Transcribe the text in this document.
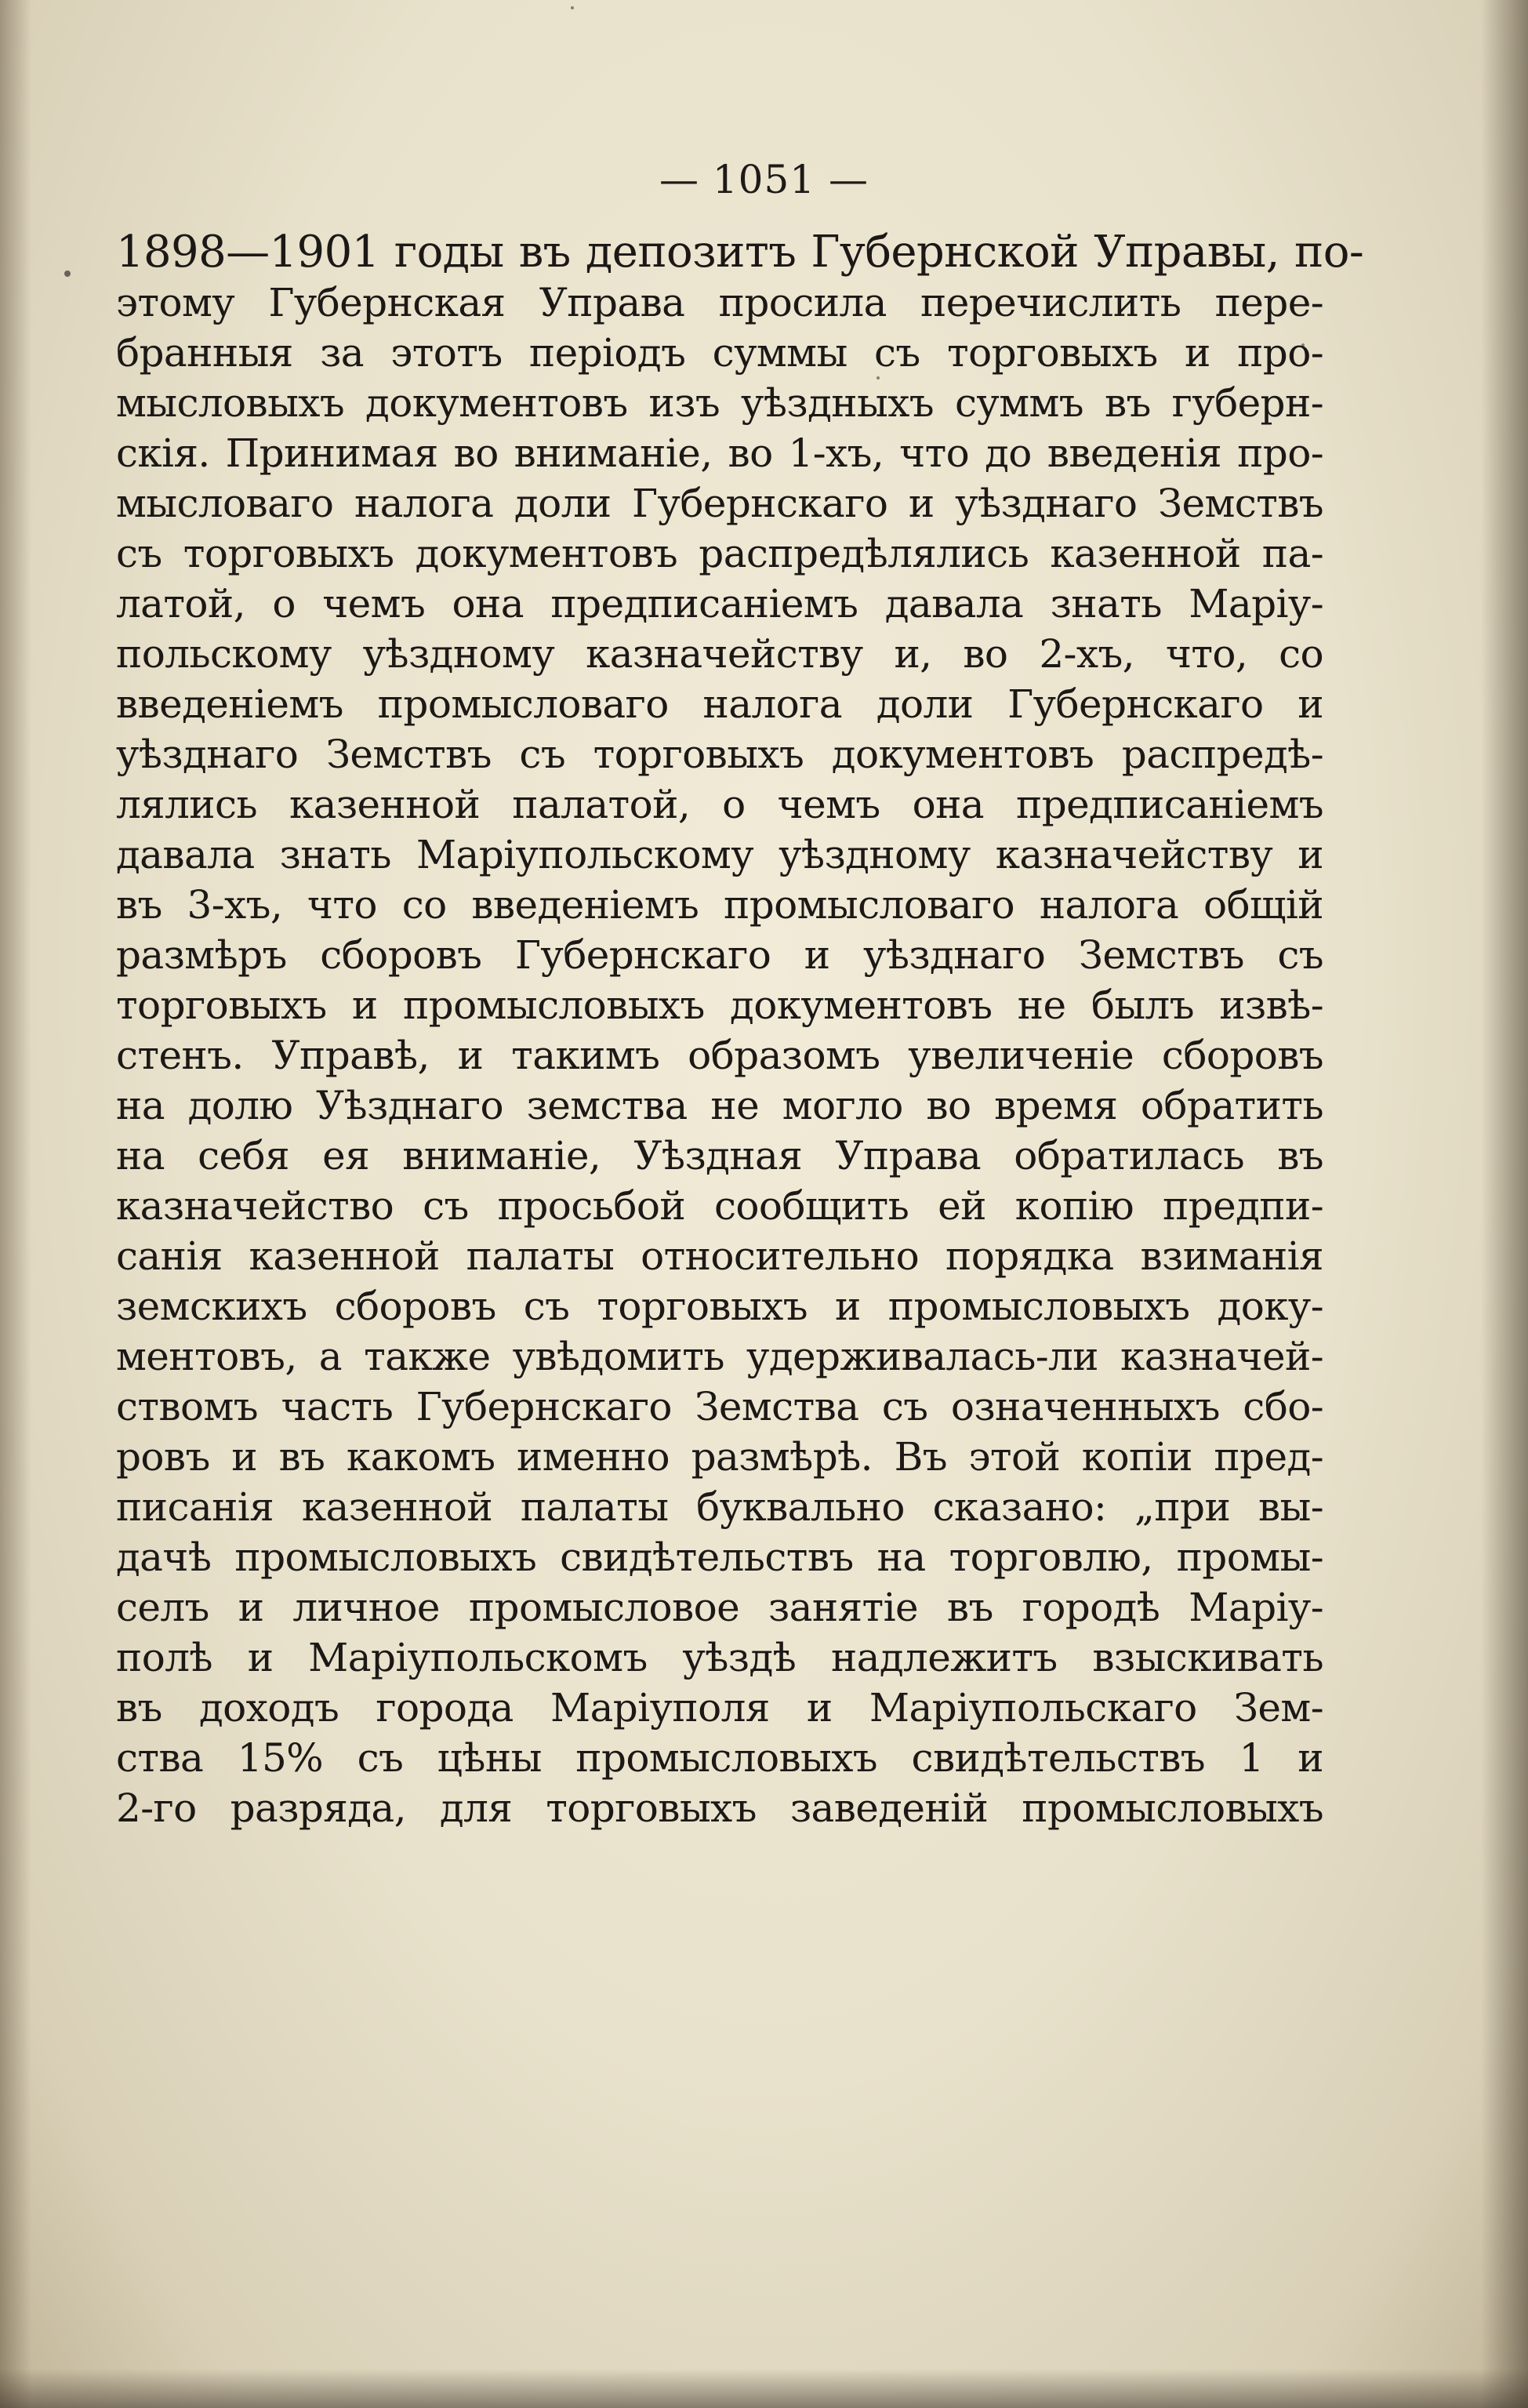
— 1051 —
1898—1901 годы въ депозитъ Губернской Управы, по-
этому Губернская Управа просила перечислить пере-
бранныя за этотъ періодъ суммы съ торговыхъ и про-
мысловыхъ документовъ изъ уѣздныхъ суммъ въ губерн-
скія. Принимая во вниманіе, во 1-хъ, что до введенія про-
мысловаго налога доли Губернскаго и уѣзднаго Земствъ
съ торговыхъ документовъ распредѣлялись казенной па-
латой, о чемъ она предписаніемъ давала знать Маріу-
польскому уѣздному казначейству и, во 2-хъ, что, со
введеніемъ промысловаго налога доли Губернскаго и
уѣзднаго Земствъ съ торговыхъ документовъ распредѣ-
лялись казенной палатой, о чемъ она предписаніемъ
давала знать Маріупольскому уѣздному казначейству и
въ 3-хъ, что со введеніемъ промысловаго налога общій
размѣръ сборовъ Губернскаго и уѣзднаго Земствъ съ
торговыхъ и промысловыхъ документовъ не былъ извѣ-
стенъ. Управѣ, и такимъ образомъ увеличеніе сборовъ
на долю Уѣзднаго земства не могло во время обратить
на себя ея вниманіе, Уѣздная Управа обратилась въ
казначейство съ просьбой сообщить ей копію предпи-
санія казенной палаты относительно порядка взиманія
земскихъ сборовъ съ торговыхъ и промысловыхъ доку-
ментовъ, а также увѣдомить удерживалась-ли казначей-
ствомъ часть Губернскаго Земства съ означенныхъ сбо-
ровъ и въ какомъ именно размѣрѣ. Въ этой копіи пред-
писанія казенной палаты буквально сказано: „при вы-
дачѣ промысловыхъ свидѣтельствъ на торговлю, промы-
селъ и личное промысловое занятіе въ городѣ Маріу-
полѣ и Маріупольскомъ уѣздѣ надлежитъ взыскивать
въ доходъ города Маріуполя и Маріупольскаго Зем-
ства 15% съ цѣны промысловыхъ свидѣтельствъ 1 и
2-го разряда, для торговыхъ заведеній промысловыхъ
